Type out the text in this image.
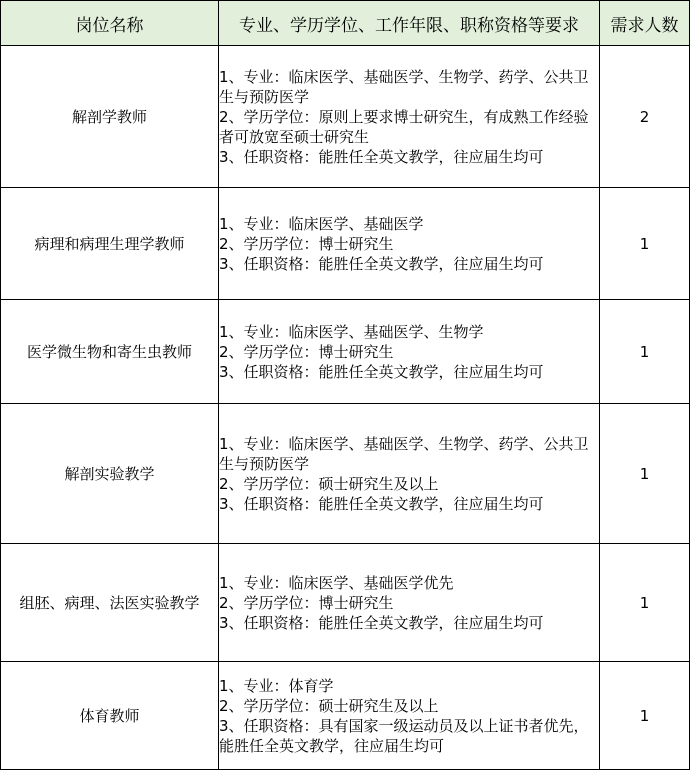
岗位名称	专业、学历学位、工作年限、职称资格等要求	需求人数
解剖学教师	1、专业：临床医学、基础医学、生物学、药学、公共卫生与预防医学
2、学历学位：原则上要求博士研究生，有成熟工作经验者可放宽至硕士研究生
3、任职资格：能胜任全英文教学，往应届生均可	2
病理和病理生理学教师	1、专业：临床医学、基础医学
2、学历学位：博士研究生
3、任职资格：能胜任全英文教学，往应届生均可	1
医学微生物和寄生虫教师	1、专业：临床医学、基础医学、生物学
2、学历学位：博士研究生
3、任职资格：能胜任全英文教学，往应届生均可	1
解剖实验教学	1、专业：临床医学、基础医学、生物学、药学、公共卫生与预防医学
2、学历学位：硕士研究生及以上
3、任职资格：能胜任全英文教学，往应届生均可	1
组胚、病理、法医实验教学	1、专业：临床医学、基础医学优先
2、学历学位：博士研究生
3、任职资格：能胜任全英文教学，往应届生均可	1
体育教师	1、专业：体育学
2、学历学位：硕士研究生及以上
3、任职资格：具有国家一级运动员及以上证书者优先，能胜任全英文教学，往应届生均可	1
